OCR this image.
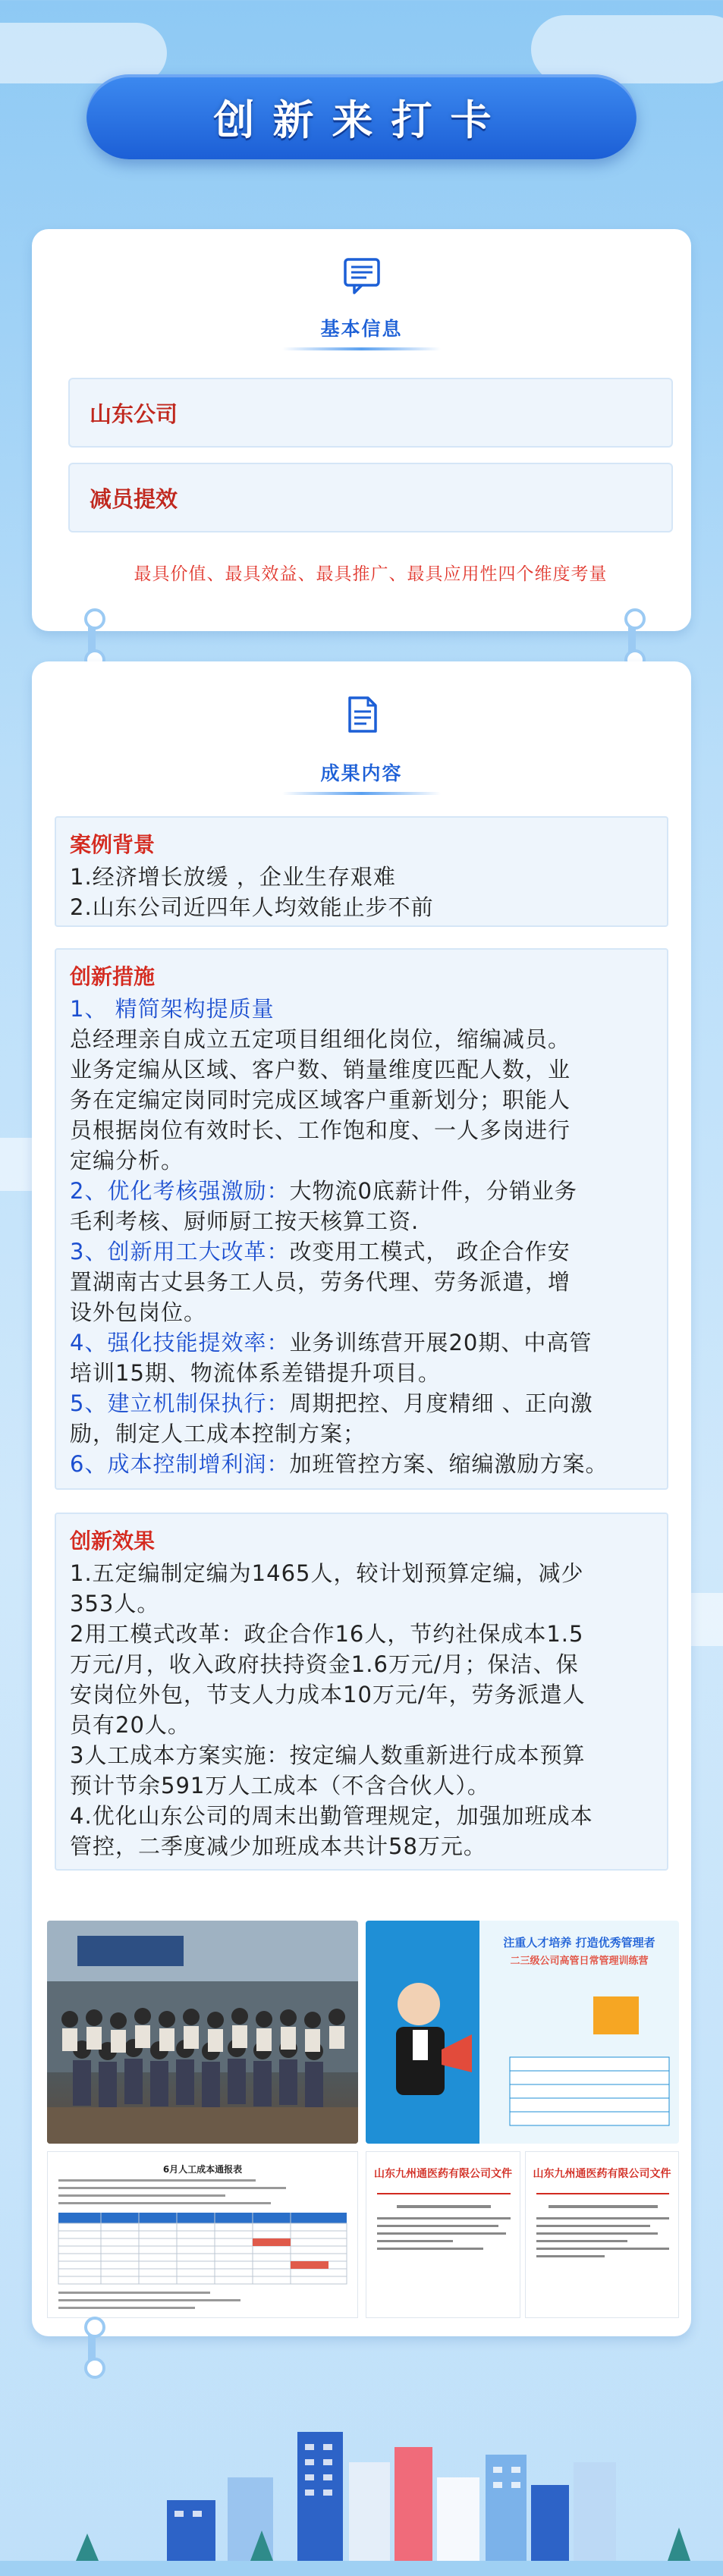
创新来打卡
基本信息
山东公司
减员提效
最具价值、最具效益、最具推广、最具应用性四个维度考量
成果内容
案例背景
1.经济增长放缓 ，企业生存艰难
2.山东公司近四年人均效能止步不前
创新措施
1、 精简架构提质量
总经理亲自成立五定项目组细化岗位，缩编减员。
业务定编从区域、客户数、销量维度匹配人数，业
务在定编定岗同时完成区域客户重新划分；职能人
员根据岗位有效时长、工作饱和度、一人多岗进行
定编分析。
2、优化考核强激励：大物流0底薪计件，分销业务
毛利考核、厨师厨工按天核算工资.
3、创新用工大改革：改变用工模式， 政企合作安
置湖南古丈县务工人员，劳务代理、劳务派遣，增
设外包岗位。
4、强化技能提效率：业务训练营开展20期、中高管
培训15期、物流体系差错提升项目。
5、建立机制保执行：周期把控、月度精细 、正向激
励，制定人工成本控制方案；
6、成本控制增利润：加班管控方案、缩编激励方案。
创新效果
1.五定编制定编为1465人，较计划预算定编，减少
353人。
2用工模式改革：政企合作16人，节约社保成本1.5
万元/月，收入政府扶持资金1.6万元/月；保洁、保
安岗位外包，节支人力成本10万元/年，劳务派遣人
员有20人。
3人工成本方案实施：按定编人数重新进行成本预算
预计节余591万人工成本（不含合伙人）。
4.优化山东公司的周末出勤管理规定，加强加班成本
管控，二季度减少加班成本共计58万元。
注重人才培养 打造优秀管理者
二三级公司高管日常管理训练营
6月人工成本通报表	山东九州通医药有限公司文件	山东九州通医药有限公司文件
